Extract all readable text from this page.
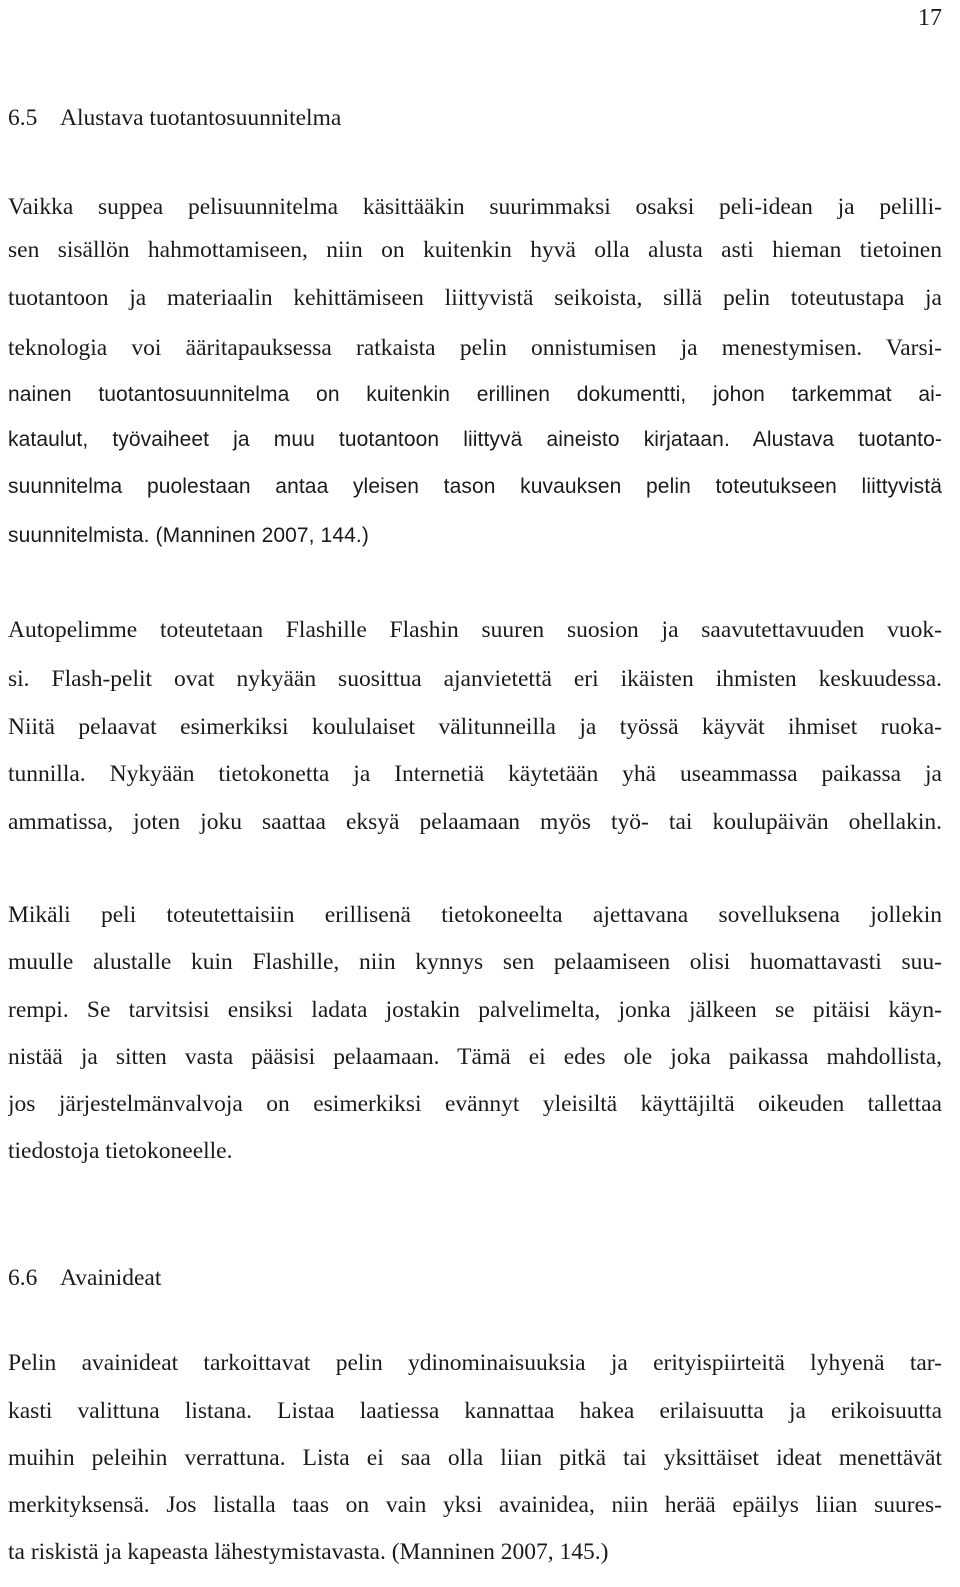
17
6.5 Alustava tuotantosuunnitelma
Vaikka suppea pelisuunnitelma käsittääkin suurimmaksi osaksi peli-idean ja pelilli-
sen sisällön hahmottamiseen, niin on kuitenkin hyvä olla alusta asti hieman tietoinen
tuotantoon ja materiaalin kehittämiseen liittyvistä seikoista, sillä pelin toteutustapa ja
teknologia voi ääritapauksessa ratkaista pelin onnistumisen ja menestymisen. Varsi-
nainen tuotantosuunnitelma on kuitenkin erillinen dokumentti, johon tarkemmat ai-
kataulut, työvaiheet ja muu tuotantoon liittyvä aineisto kirjataan. Alustava tuotanto-
suunnitelma puolestaan antaa yleisen tason kuvauksen pelin toteutukseen liittyvistä
suunnitelmista. (Manninen 2007, 144.)
Autopelimme toteutetaan Flashille Flashin suuren suosion ja saavutettavuuden vuok-
si. Flash-pelit ovat nykyään suosittua ajanvietettä eri ikäisten ihmisten keskuudessa.
Niitä pelaavat esimerkiksi koululaiset välitunneilla ja työssä käyvät ihmiset ruoka-
tunnilla. Nykyään tietokonetta ja Internetiä käytetään yhä useammassa paikassa ja
ammatissa, joten joku saattaa eksyä pelaamaan myös työ- tai koulupäivän ohellakin.
Mikäli peli toteutettaisiin erillisenä tietokoneelta ajettavana sovelluksena jollekin
muulle alustalle kuin Flashille, niin kynnys sen pelaamiseen olisi huomattavasti suu-
rempi. Se tarvitsisi ensiksi ladata jostakin palvelimelta, jonka jälkeen se pitäisi käyn-
nistää ja sitten vasta pääsisi pelaamaan. Tämä ei edes ole joka paikassa mahdollista,
jos järjestelmänvalvoja on esimerkiksi evännyt yleisiltä käyttäjiltä oikeuden tallettaa
tiedostoja tietokoneelle.
6.6 Avainideat
Pelin avainideat tarkoittavat pelin ydinominaisuuksia ja erityispiirteitä lyhyenä tar-
kasti valittuna listana. Listaa laatiessa kannattaa hakea erilaisuutta ja erikoisuutta
muihin peleihin verrattuna. Lista ei saa olla liian pitkä tai yksittäiset ideat menettävät
merkityksensä. Jos listalla taas on vain yksi avainidea, niin herää epäilys liian suures-
ta riskistä ja kapeasta lähestymistavasta. (Manninen 2007, 145.)
